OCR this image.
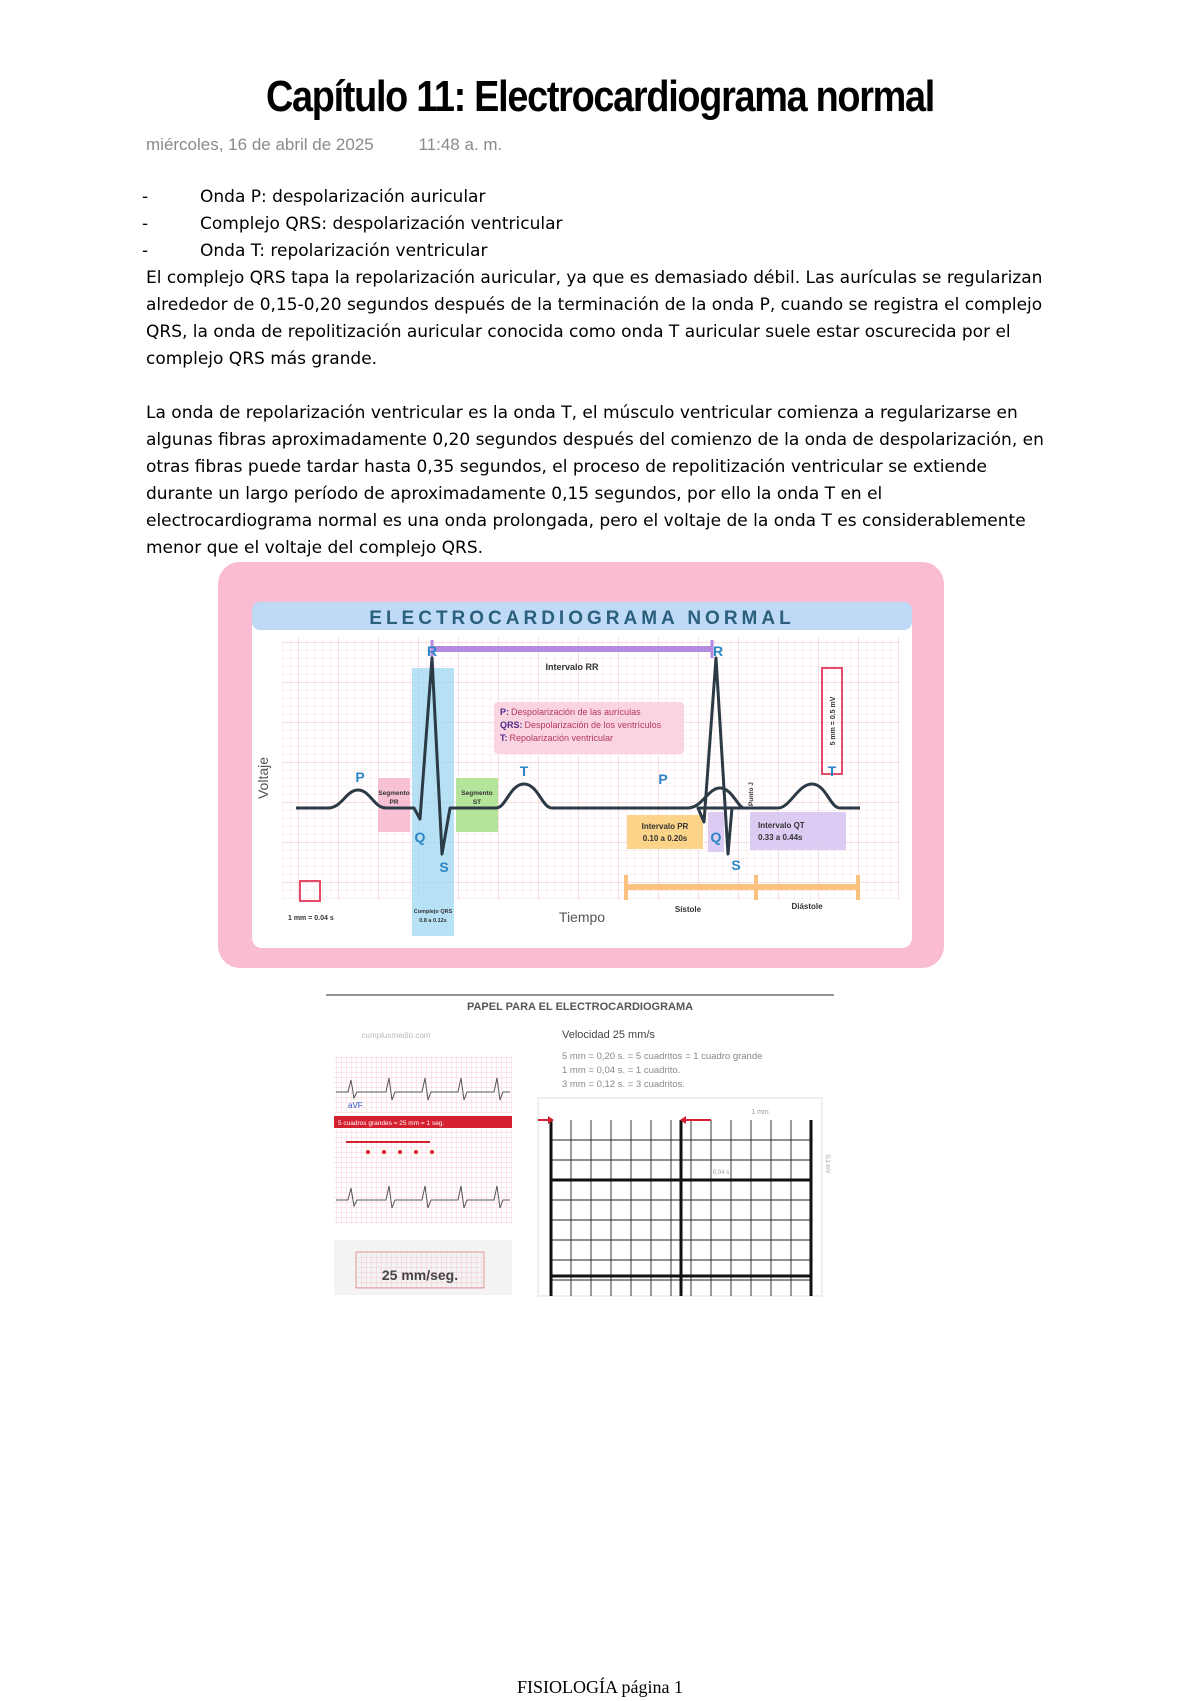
Capítulo 11: Electrocardiograma normal
miércoles, 16 de abril de 2025	11:48 a. m.
- Onda P: despolarización auricular
- Complejo QRS: despolarización ventricular
- Onda T: repolarización ventricular

El complejo QRS tapa la repolarización auricular, ya que es demasiado débil. Las aurículas se regularizan alrededor de 0,15-0,20 segundos después de la terminación de la onda P, cuando se registra el complejo QRS, la onda de repolitización auricular conocida como onda T auricular suele estar oscurecida por el complejo QRS más grande.

La onda de repolarización ventricular es la onda T, el músculo ventricular comienza a regularizarse en algunas fibras aproximadamente 0,20 segundos después del comienzo de la onda de despolarización, en otras fibras puede tardar hasta 0,35 segundos, el proceso de repolitización ventricular se extiende durante un largo período de aproximadamente 0,15 segundos, por ello la onda T en el electrocardiograma normal es una onda prolongada, pero el voltaje de la onda T es considerablemente menor que el voltaje del complejo QRS.

ELECTROCARDIOGRAMA NORMAL
Intervalo RR
P
R
Q
S
T	P
R
Q
S
T
P: Despolarización de las aurículas
QRS: Despolarización de los ventrículos
T: Repolarización ventricular
Segmento
PR
Segmento
ST
Complejo QRS
0.8 a 0.12s
Intervalo PR
0.10 a 0.20s
Intervalo QT
0.33 a 0.44s
Punto J
5 mm = 0.5 mV
1 mm = 0.04 s
Sístole	Diástole
Tiempo
Voltaje
PAPEL PARA EL ELECTROCARDIOGRAMA
cumplusmedio.com	Velocidad 25 mm/s
5 mm = 0,20 s. = 5 cuadritos = 1 cuadro grande
1 mm = 0,04 s. = 1 cuadrito.
3 mm = 0,12 s. = 3 cuadritos.
aVF
5 cuadros grandes = 25 mm = 1 seg.
25 mm/seg.
1 mm
0,04 s	0,1 mV
FISIOLOGÍA página 1
